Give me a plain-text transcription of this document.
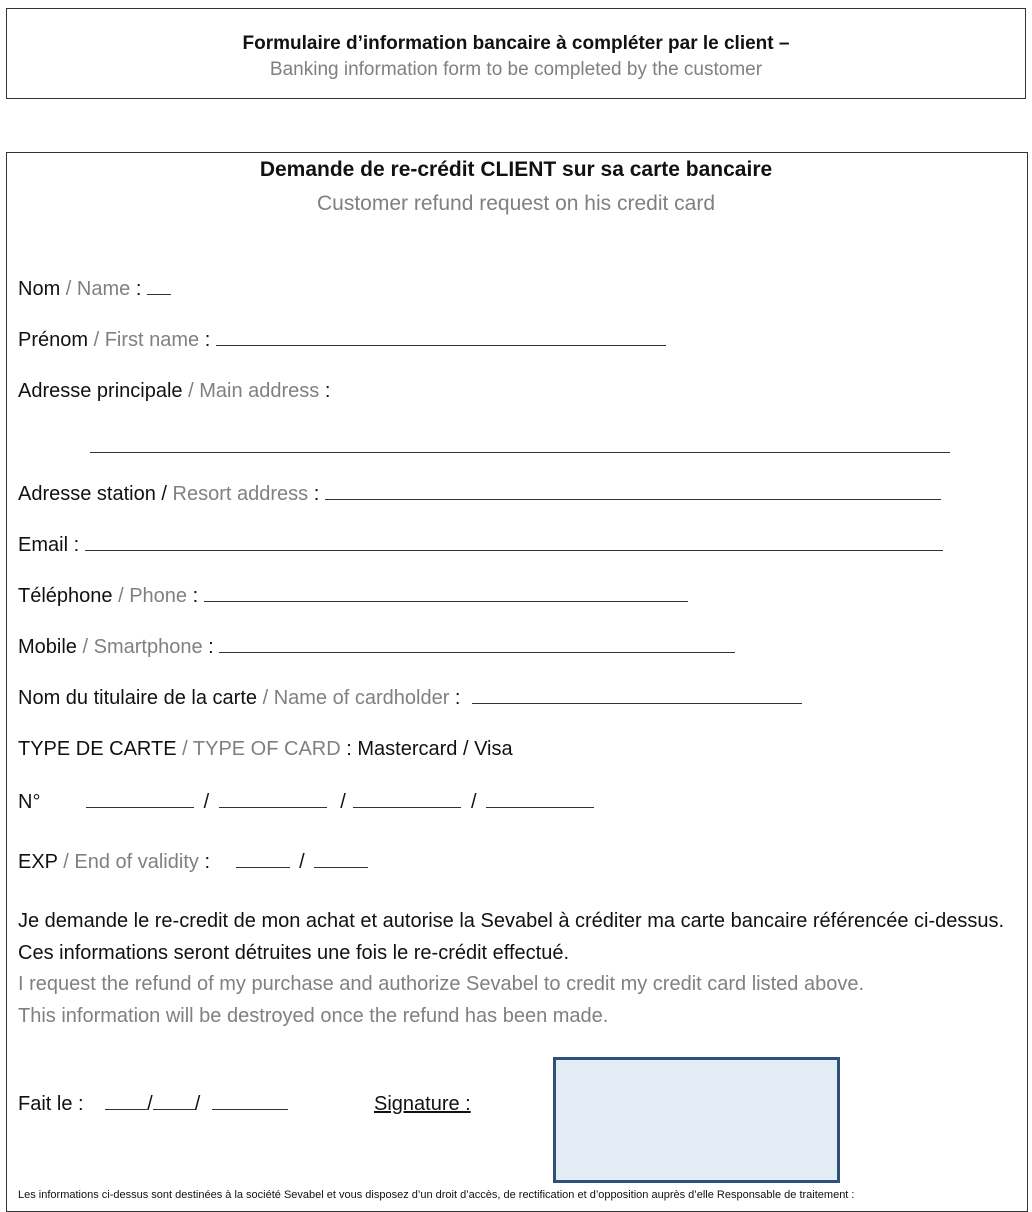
Formulaire d’information bancaire à compléter par le client –
Banking information form to be completed by the customer
Demande de re-crédit CLIENT sur sa carte bancaire
Customer refund request on his credit card
Nom / Name :
Prénom / First name :
Adresse principale / Main address :
Adresse station / Resort address :
Email :
Téléphone / Phone :
Mobile / Smartphone :
Nom du titulaire de la carte / Name of cardholder :
TYPE DE CARTE / TYPE OF CARD : Mastercard / Visa
N°	/	/	/
EXP / End of validity :	/
Je demande le re-credit de mon achat et autorise la Sevabel à créditer ma carte bancaire référencée ci-dessus.
Ces informations seront détruites une fois le re-crédit effectué.
I request the refund of my purchase and authorize Sevabel to credit my credit card listed above.
This information will be destroyed once the refund has been made.
Fait le :	/ /	Signature :
Les informations ci-dessus sont destinées à la société Sevabel et vous disposez d’un droit d’accès, de rectification et d’opposition auprès d’elle Responsable de traitement :
